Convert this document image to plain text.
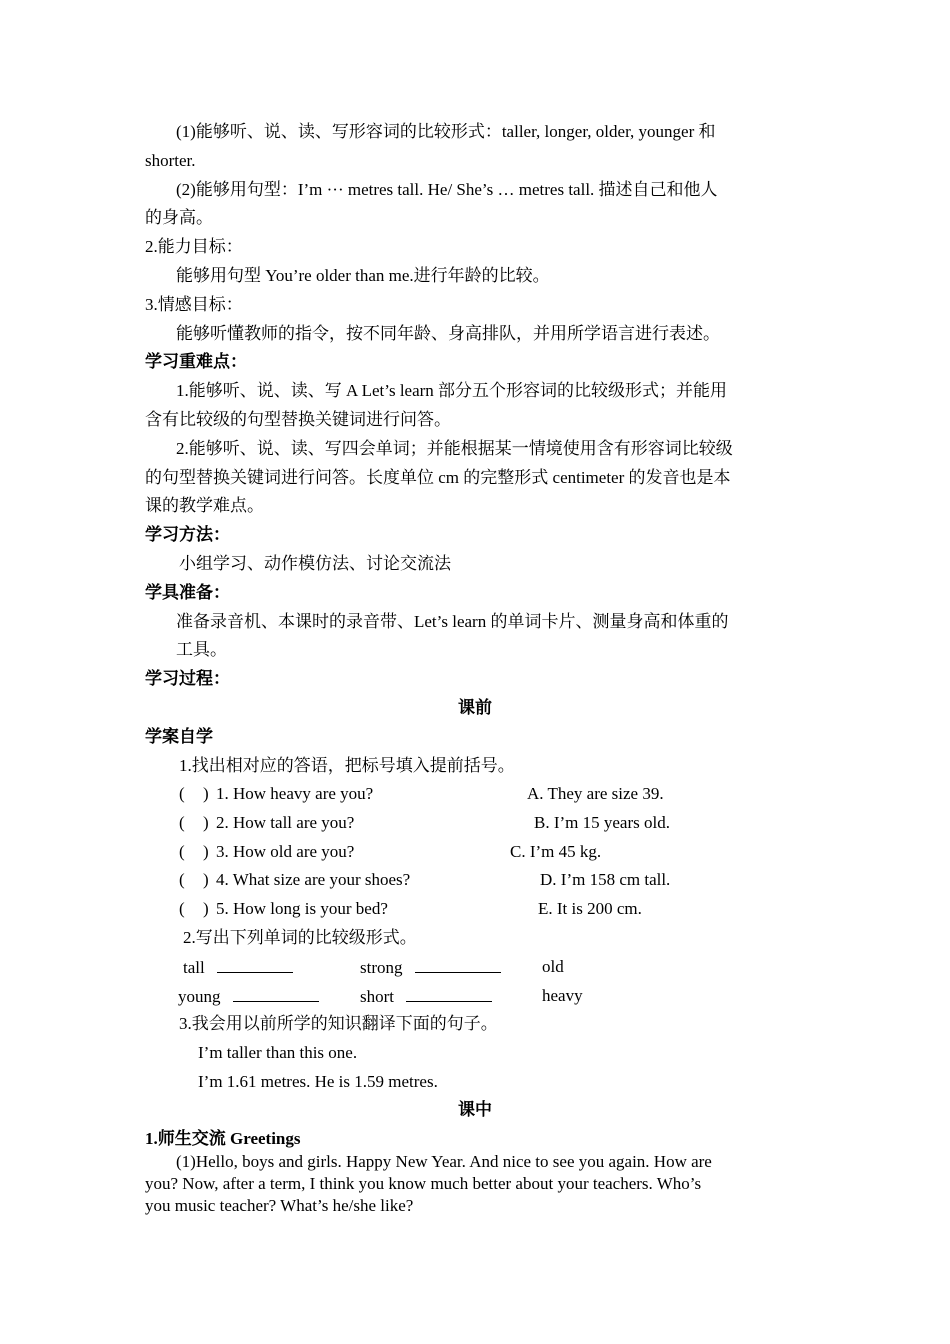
(1)能够听、说、读、写形容词的比较形式：taller, longer, older, younger 和
shorter.
(2)能够用句型：I’m ··· metres tall. He/ She’s … metres tall. 描述自己和他人
的身高。
2.能力目标：
能够用句型 You’re older than me.进行年龄的比较。
3.情感目标：
能够听懂教师的指令，按不同年龄、身高排队，并用所学语言进行表述。
学习重难点：
1.能够听、说、读、写 A Let’s learn 部分五个形容词的比较级形式；并能用
含有比较级的句型替换关键词进行问答。
2.能够听、说、读、写四会单词；并能根据某一情境使用含有形容词比较级
的句型替换关键词进行问答。长度单位 cm 的完整形式 centimeter 的发音也是本
课的教学难点。
学习方法：
小组学习、动作模仿法、讨论交流法
学具准备：
准备录音机、本课时的录音带、Let’s learn 的单词卡片、测量身高和体重的
工具。
学习过程：
课前
学案自学
1.找出相对应的答语，把标号填入提前括号。
( ) 1. How heavy are you?	A. They are size 39.
( ) 2. How tall are you?	B. I’m 15 years old.
( ) 3. How old are you?	C. I’m 45 kg.
( ) 4. What size are your shoes?	D. I’m 158 cm tall.
( ) 5. How long is your bed?	E. It is 200 cm.
2.写出下列单词的比较级形式。
tall	strong	old
young	short	heavy
3.我会用以前所学的知识翻译下面的句子。
I’m taller than this one.
I’m 1.61 metres. He is 1.59 metres.
课中
1.师生交流 Greetings
(1)Hello, boys and girls. Happy New Year. And nice to see you again. How are
you? Now, after a term, I think you know much better about your teachers. Who’s
you music teacher? What’s he/she like?
